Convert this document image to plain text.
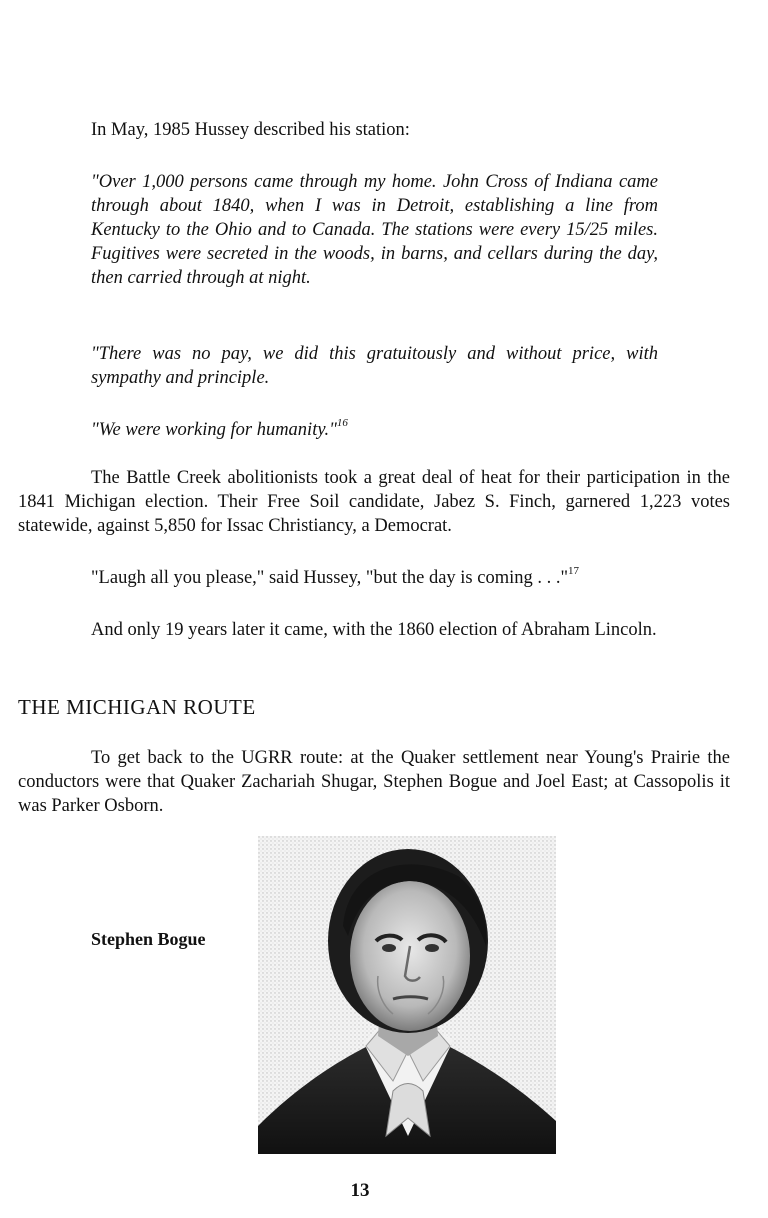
In May, 1985 Hussey described his station:

"Over 1,000 persons came through my home. John Cross of Indiana came through about 1840, when I was in Detroit, establishing a line from Kentucky to the Ohio and to Canada. The stations were every 15/25 miles. Fugitives were secreted in the woods, in barns, and cellars during the day, then carried through at night.

"There was no pay, we did this gratuitously and without price, with sympathy and principle.

"We were working for humanity."$^{16}$

The Battle Creek abolitionists took a great deal of heat for their participation in the 1841 Michigan election. Their Free Soil candidate, Jabez S. Finch, garnered 1,223 votes statewide, against 5,850 for Issac Christiancy, a Democrat.

"Laugh all you please," said Hussey, "but the day is coming . . ."$^{17}$

And only 19 years later it came, with the 1860 election of Abraham Lincoln.

THE MICHIGAN ROUTE

To get back to the UGRR route: at the Quaker settlement near Young's Prairie the conductors were that Quaker Zachariah Shugar, Stephen Bogue and Joel East; at Cassopolis it was Parker Osborn.

Stephen Bogue

13
